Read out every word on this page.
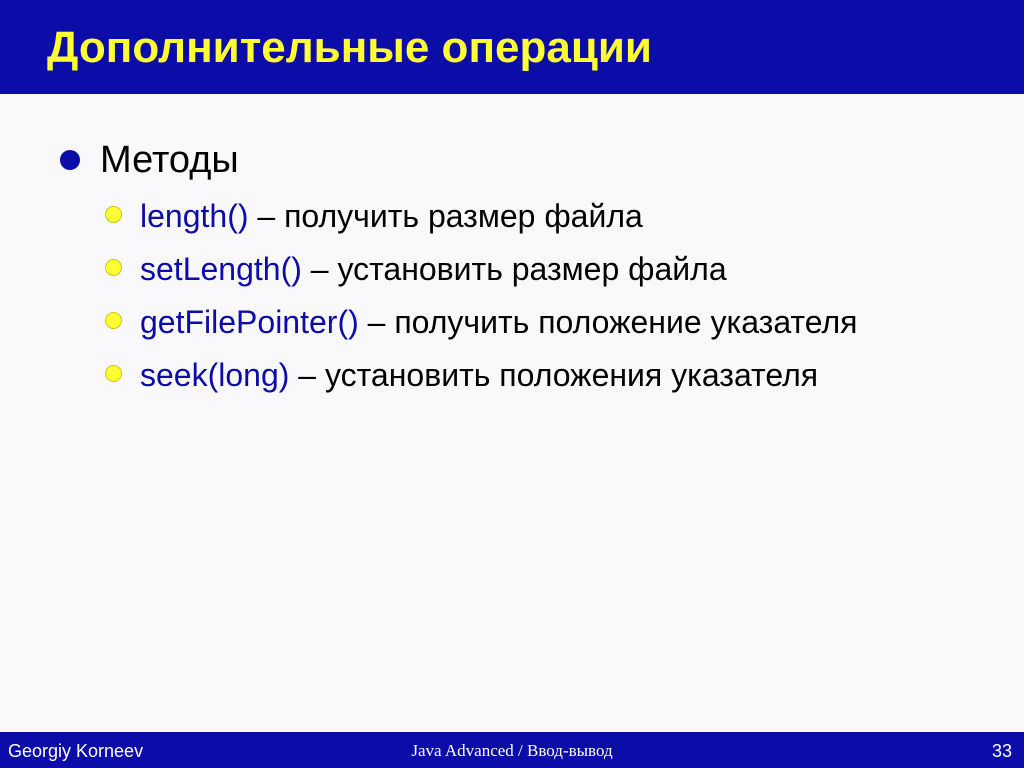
Дополнительные операции
Методы
length() – получить размер файла
setLength() – установить размер файла
getFilePointer() – получить положение указателя
seek(long) – установить положения указателя
Georgiy Korneev	Java Advanced / Ввод-вывод	33
